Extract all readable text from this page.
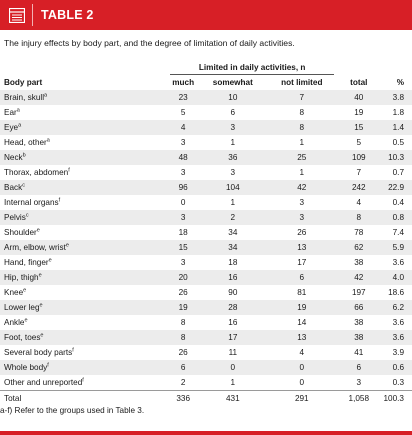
TABLE 2
The injury effects by body part, and the degree of limitation of daily activities.
	Limited in daily activities, n				
Body part	much	somewhat	not limited	total	%
Brain, skull$^a$	23	10	7	40	3.8
Ear$^a$	5	6	8	19	1.8
Eye$^a$	4	3	8	15	1.4
Head, other$^a$	3	1	1	5	0.5
Neck$^b$	48	36	25	109	10.3
Thorax, abdomen$^f$	3	3	1	7	0.7
Back$^c$	96	104	42	242	22.9
Internal organs$^f$	0	1	3	4	0.4
Pelvis$^c$	3	2	3	8	0.8
Shoulder$^e$	18	34	26	78	7.4
Arm, elbow, wrist$^e$	15	34	13	62	5.9
Hand, finger$^e$	3	18	17	38	3.6
Hip, thigh$^e$	20	16	6	42	4.0
Knee$^e$	26	90	81	197	18.6
Lower leg$^e$	19	28	19	66	6.2
Ankle$^e$	8	16	14	38	3.6
Foot, toes$^e$	8	17	13	38	3.6
Several body parts$^f$	26	11	4	41	3.9
Whole body$^f$	6	0	0	6	0.6
Other and unreported$^f$	2	1	0	3	0.3
Total	336	431	291	1,058	100.3
a-f) Refer to the groups used in Table 3.
